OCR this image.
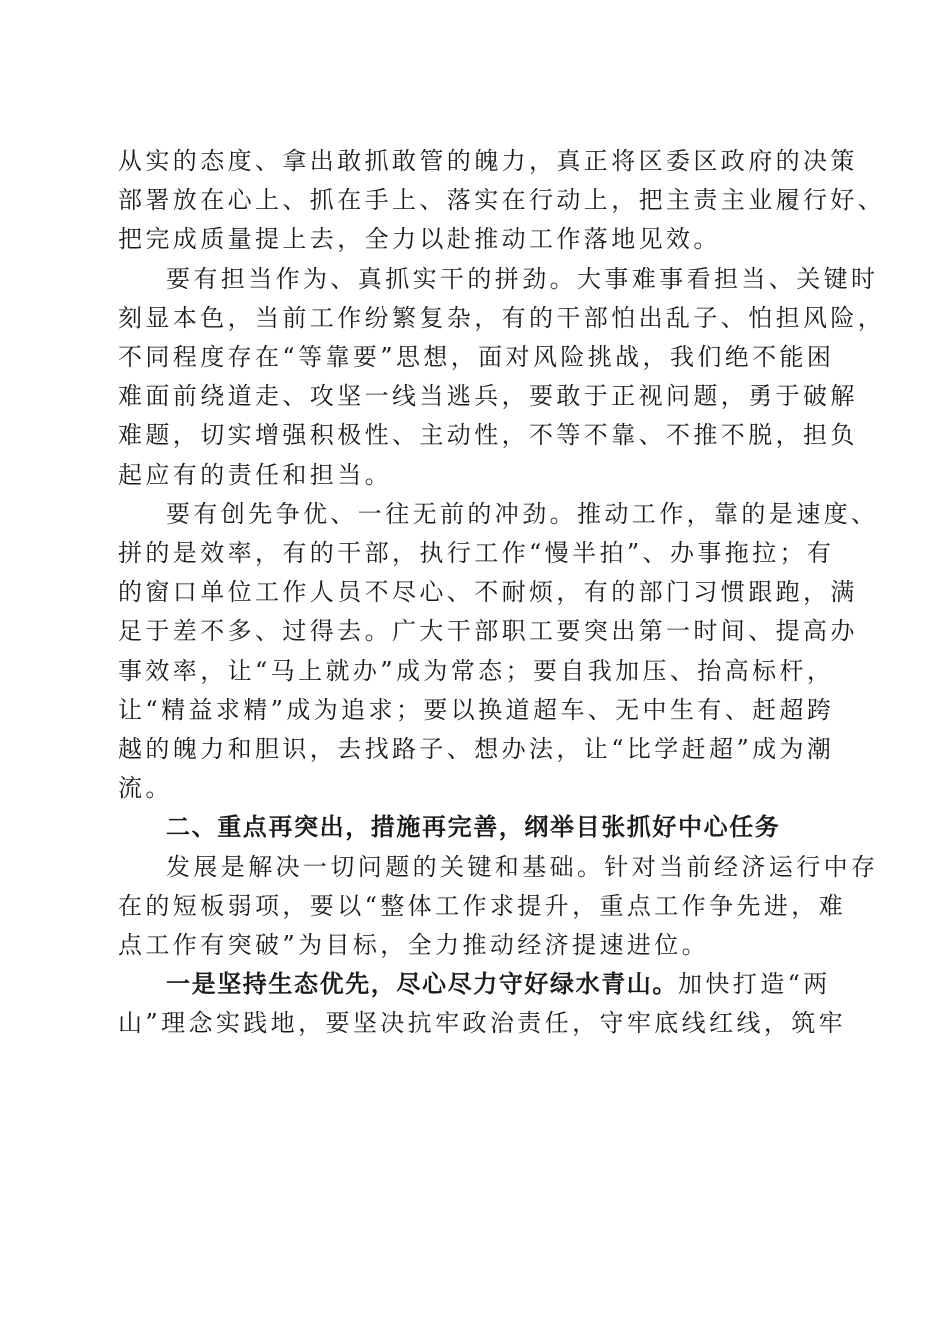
从实的态度、拿出敢抓敢管的魄力，真正将区委区政府的决策
部署放在心上、抓在手上、落实在行动上，把主责主业履行好、
把完成质量提上去，全力以赴推动工作落地见效。
要有担当作为、真抓实干的拼劲。大事难事看担当、关键时
刻显本色，当前工作纷繁复杂，有的干部怕出乱子、怕担风险，
不同程度存在“等靠要”思想，面对风险挑战，我们绝不能困
难面前绕道走、攻坚一线当逃兵，要敢于正视问题，勇于破解
难题，切实增强积极性、主动性，不等不靠、不推不脱，担负
起应有的责任和担当。
要有创先争优、一往无前的冲劲。推动工作，靠的是速度、
拼的是效率，有的干部，执行工作“慢半拍”、办事拖拉；有
的窗口单位工作人员不尽心、不耐烦，有的部门习惯跟跑，满
足于差不多、过得去。广大干部职工要突出第一时间、提高办
事效率，让“马上就办”成为常态；要自我加压、抬高标杆，
让“精益求精”成为追求；要以换道超车、无中生有、赶超跨
越的魄力和胆识，去找路子、想办法，让“比学赶超”成为潮
流。
二、重点再突出，措施再完善，纲举目张抓好中心任务
发展是解决一切问题的关键和基础。针对当前经济运行中存
在的短板弱项，要以“整体工作求提升，重点工作争先进，难
点工作有突破”为目标，全力推动经济提速进位。
一是坚持生态优先，尽心尽力守好绿水青山。加快打造“两
山”理念实践地，要坚决抗牢政治责任，守牢底线红线，筑牢
